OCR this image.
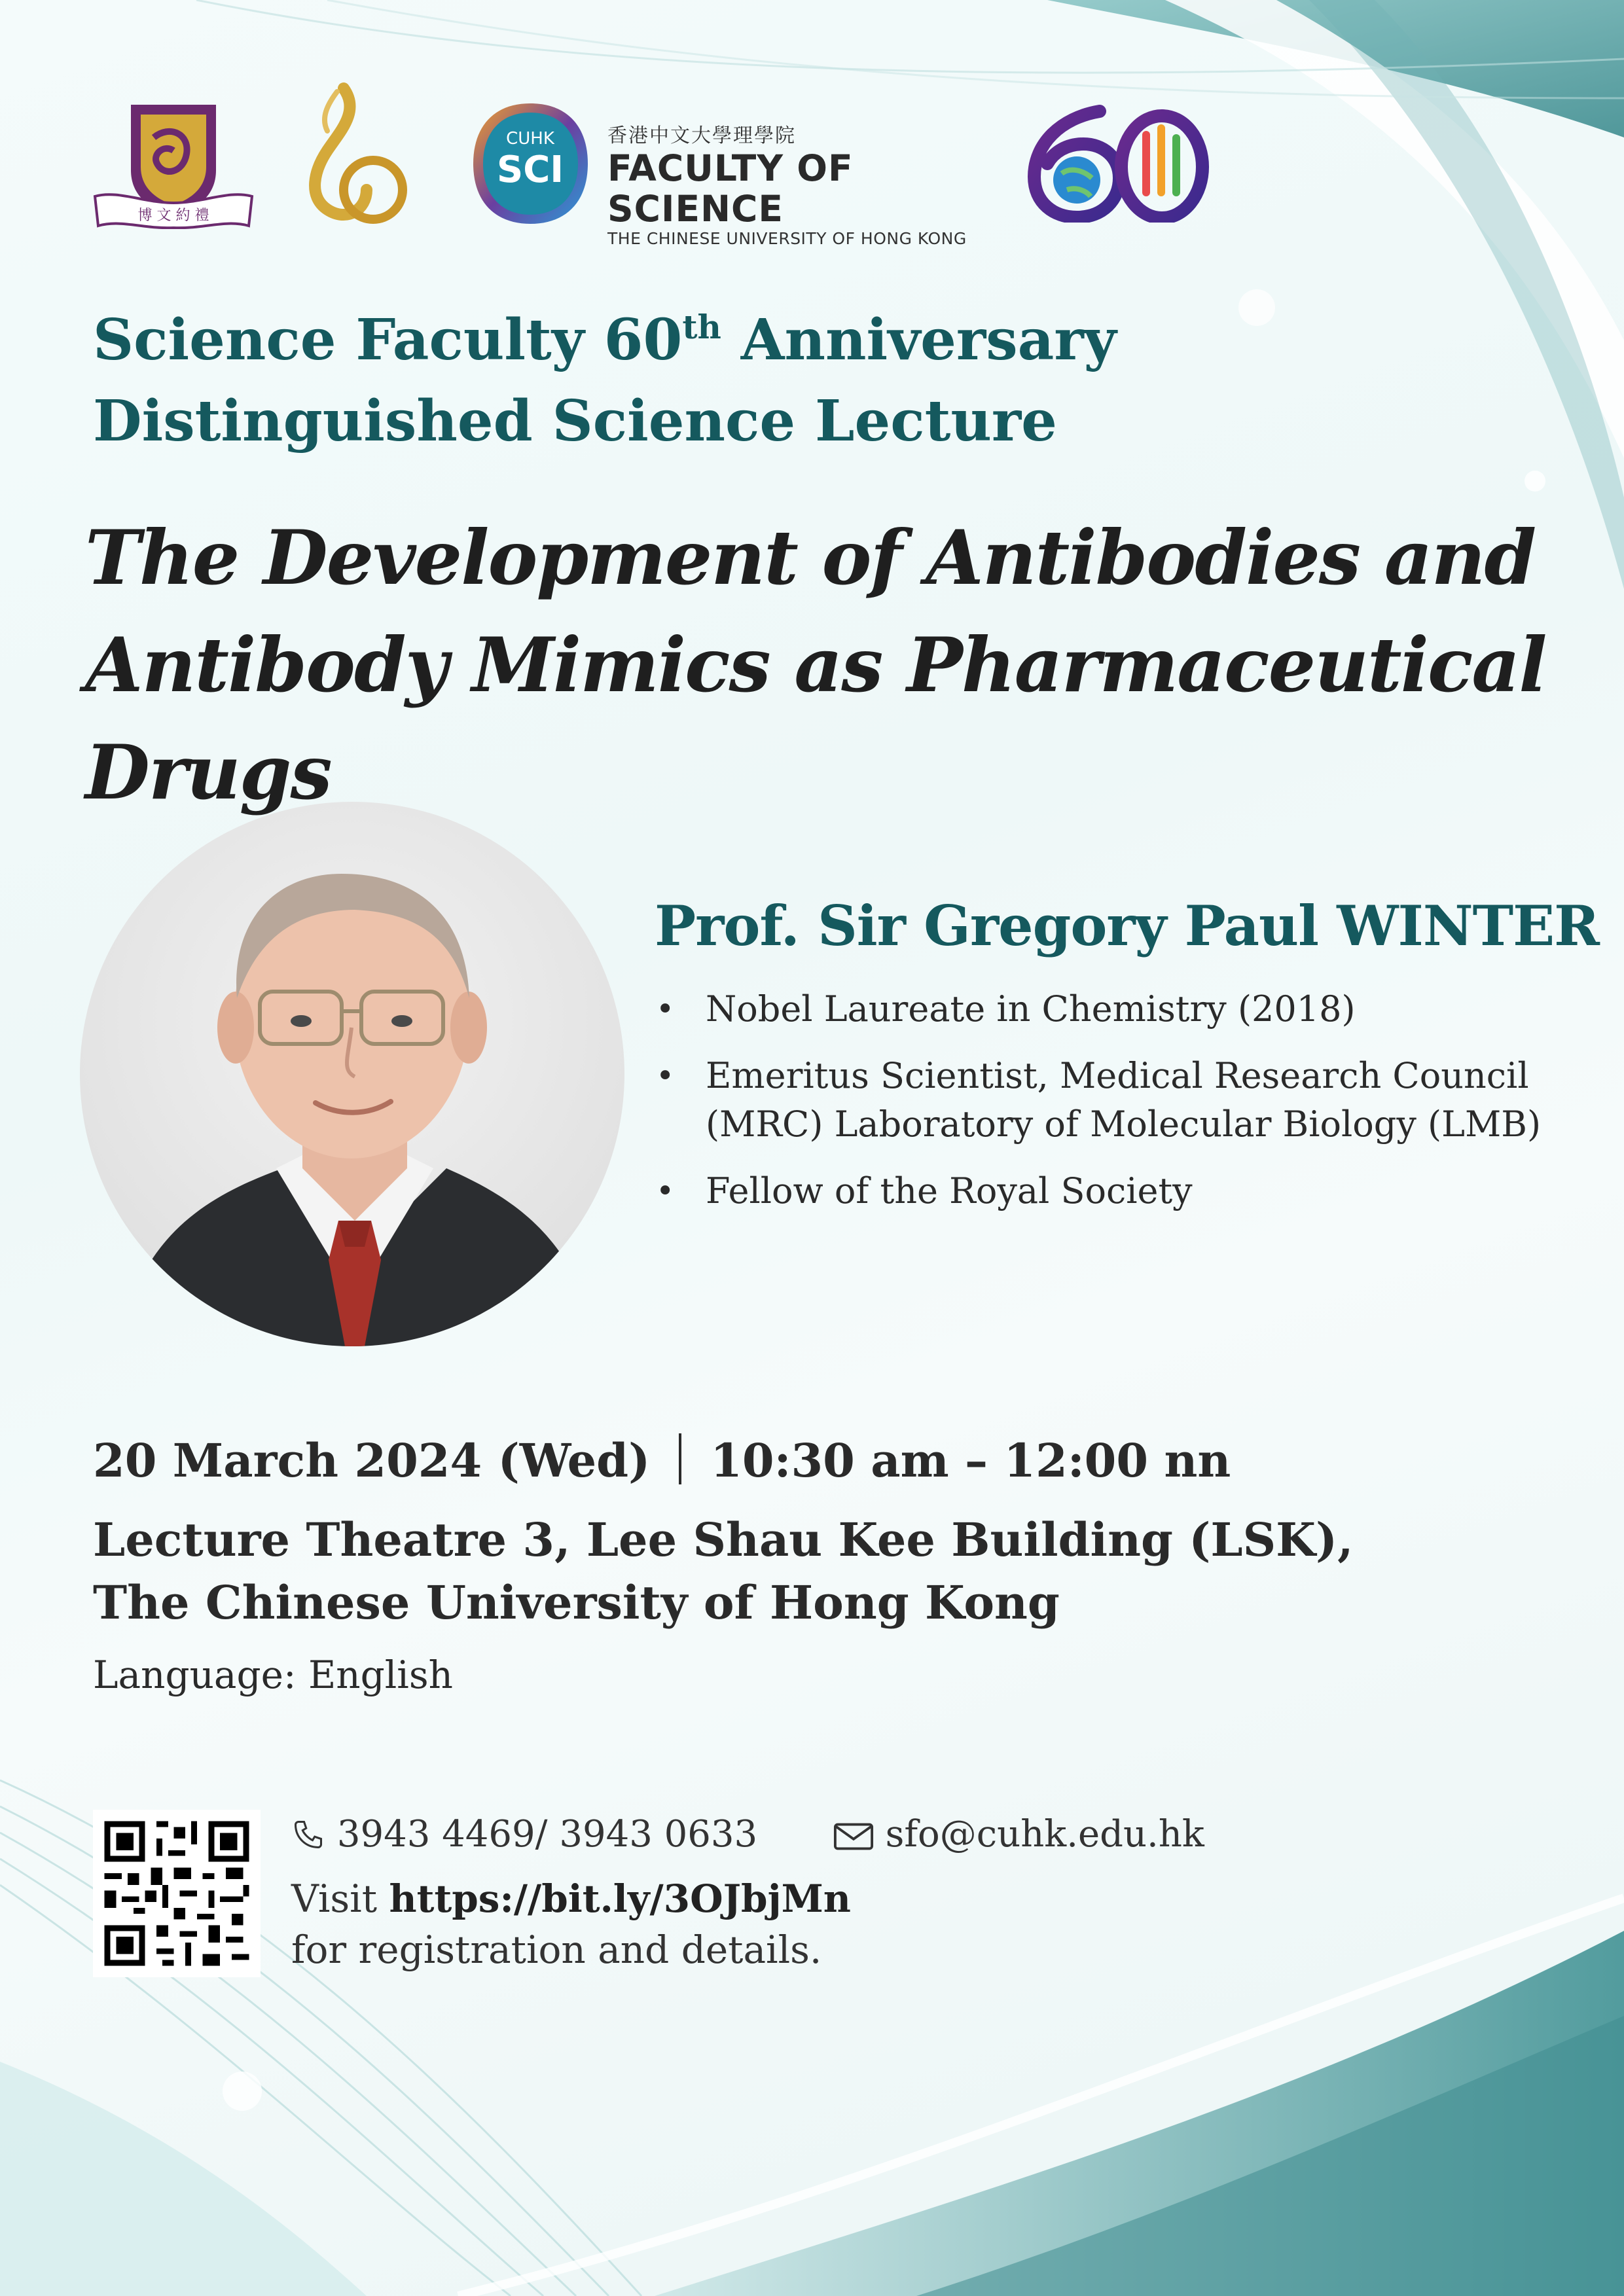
博 文 約 禮
CUHK
SCI
香港中文大學理學院
FACULTY OF SCIENCE
THE CHINESE UNIVERSITY OF HONG KONG
Science Faculty 60th Anniversary
Distinguished Science Lecture
The Development of Antibodies and
Antibody Mimics as Pharmaceutical Drugs
Prof. Sir Gregory Paul WINTER
• Nobel Laureate in Chemistry (2018)
• Emeritus Scientist, Medical Research Council (MRC) Laboratory of Molecular Biology (LMB)
• Fellow of the Royal Society
20 March 2024 (Wed) 10:30 am – 12:00 nn
Lecture Theatre 3, Lee Shau Kee Building (LSK),
The Chinese University of Hong Kong
Language: English
3943 4469/ 3943 0633	sfo@cuhk.edu.hk
Visit https://bit.ly/3OJbjMn
for registration and details.
